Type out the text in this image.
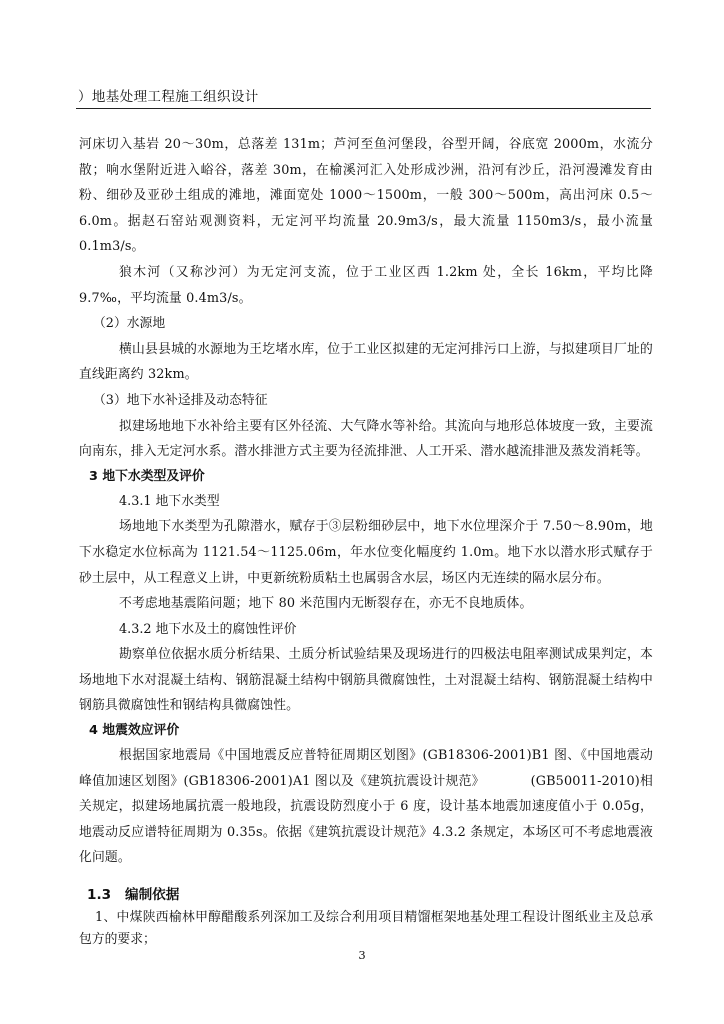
）地基处理工程施工组织设计

河床切入基岩 20～30m，总落差 131m；芦河至鱼河堡段，谷型开阔，谷底宽 2000m，水流分散；响水堡附近进入峪谷，落差 30m，在榆溪河汇入处形成沙洲，沿河有沙丘，沿河漫滩发育由粉、细砂及亚砂土组成的滩地，滩面宽处 1000～1500m，一般 300～500m，高出河床 0.5～6.0m。据赵石窑站观测资料，无定河平均流量 20.9m3/s，最大流量 1150m3/s，最小流量 0.1m3/s。

狼木河（又称沙河）为无定河支流，位于工业区西 1.2km 处，全长 16km，平均比降 9.7‰，平均流量 0.4m3/s。

（2）水源地

横山县县城的水源地为王圪堵水库，位于工业区拟建的无定河排污口上游，与拟建项目厂址的直线距离约 32km。

（3）地下水补迳排及动态特征

拟建场地地下水补给主要有区外径流、大气降水等补给。其流向与地形总体坡度一致，主要流向南东，排入无定河水系。潜水排泄方式主要为径流排泄、人工开采、潜水越流排泄及蒸发消耗等。

3 地下水类型及评价

4.3.1 地下水类型

场地地下水类型为孔隙潜水，赋存于③层粉细砂层中，地下水位埋深介于 7.50～8.90m，地下水稳定水位标高为 1121.54～1125.06m，年水位变化幅度约 1.0m。地下水以潜水形式赋存于砂土层中，从工程意义上讲，中更新统粉质粘土也属弱含水层，场区内无连续的隔水层分布。

不考虑地基震陷问题；地下 80 米范围内无断裂存在，亦无不良地质体。

4.3.2 地下水及土的腐蚀性评价

勘察单位依据水质分析结果、土质分析试验结果及现场进行的四极法电阻率测试成果判定，本场地地下水对混凝土结构、钢筋混凝土结构中钢筋具微腐蚀性，土对混凝土结构、钢筋混凝土结构中钢筋具微腐蚀性和钢结构具微腐蚀性。

4 地震效应评价

根据国家地震局《中国地震反应普特征周期区划图》(GB18306-2001)B1 图、《中国地震动峰值加速区划图》(GB18306-2001)A1 图以及《建筑抗震设计规范》　　　　(GB50011-2010)相关规定，拟建场地属抗震一般地段，抗震设防烈度小于 6 度，设计基本地震加速度值小于 0.05g，地震动反应谱特征周期为 0.35s。依据《建筑抗震设计规范》4.3.2 条规定，本场区可不考虑地震液化问题。

1.3 编制依据

1、中煤陕西榆林甲醇醋酸系列深加工及综合利用项目精馏框架地基处理工程设计图纸业主及总承包方的要求；

3
